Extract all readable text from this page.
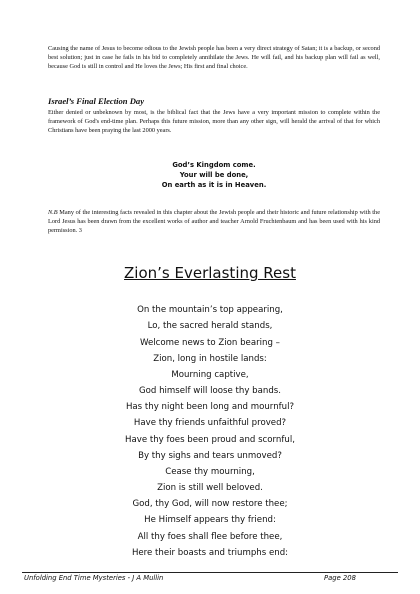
Causing the name of Jesus to become odious to the Jewish people has been a very direct strategy of Satan; it is a backup, or second best solution; just in case he fails in his bid to completely annihilate the Jews. He will fail, and his backup plan will fail as well, because God is still in control and He loves the Jews; His first and final choice.

Israel’s Final Election Day

Either denied or unbeknown by most, is the biblical fact that the Jews have a very important mission to complete within the framework of God's end-time plan. Perhaps this future mission, more than any other sign, will herald the arrival of that for which Christians have been praying the last 2000 years.

God’s Kingdom come.
Your will be done,
On earth as it is in Heaven.

N.B Many of the interesting facts revealed in this chapter about the Jewish people and their historic and future relationship with the Lord Jesus has been drawn from the excellent works of author and teacher Arnold Fruchtenbaum and has been used with his kind permission. 3

Zion’s Everlasting Rest
On the mountain’s top appearing,
Lo, the sacred herald stands,
Welcome news to Zion bearing –
Zion, long in hostile lands:
Mourning captive,
God himself will loose thy bands.
Has thy night been long and mournful?
Have thy friends unfaithful proved?
Have thy foes been proud and scornful,
By thy sighs and tears unmoved?
Cease thy mourning,
Zion is still well beloved.
God, thy God, will now restore thee;
He Himself appears thy friend:
All thy foes shall flee before thee,
Here their boasts and triumphs end:
Unfolding End Time Mysteries - J A Mullin	Page 208
